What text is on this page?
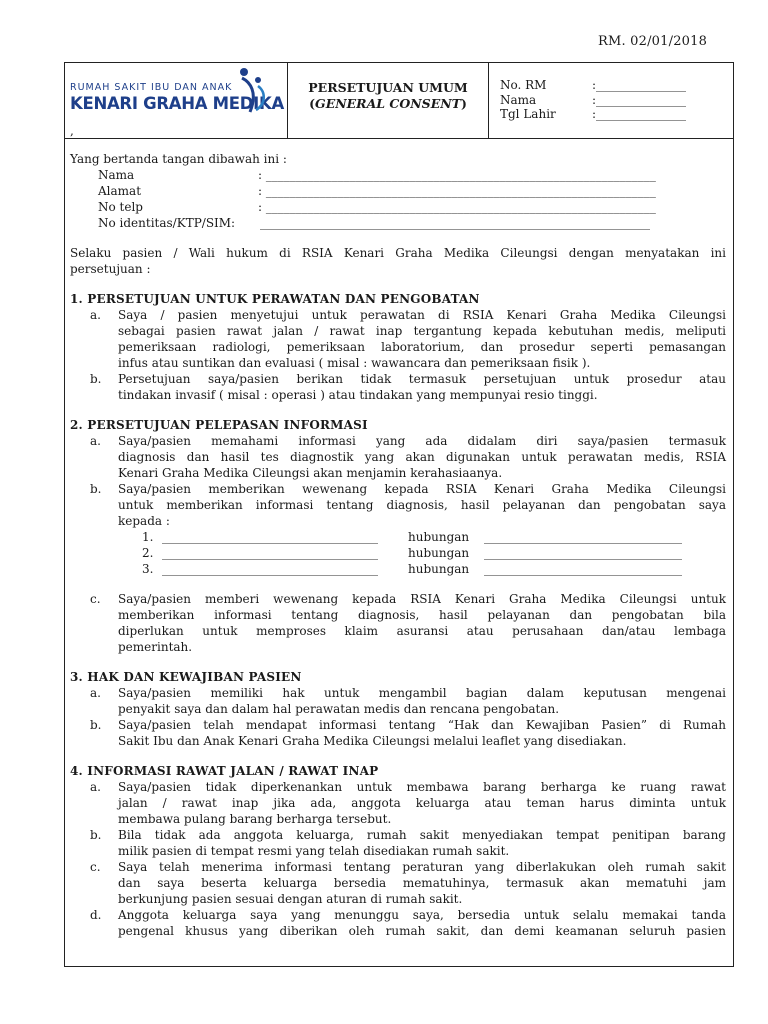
RM. 02/01/2018
RUMAH SAKIT IBU DAN ANAK
KENARI GRAHA MEDIKA
,
PERSETUJUAN UMUM
(GENERAL CONSENT)
No. RM	:_______________
Nama	:_______________
Tgl Lahir	:_______________
Yang bertanda tangan dibawah ini :
Nama	: _________________________________________________________________
Alamat	: _________________________________________________________________
No telp	: _________________________________________________________________
No identitas/KTP/SIM: _________________________________________________________________
Selaku pasien / Wali hukum di RSIA Kenari Graha Medika Cileungsi dengan menyatakan ini
persetujuan :
1. PERSETUJUAN UNTUK PERAWATAN DAN PENGOBATAN
a. Saya / pasien menyetujui untuk perawatan di RSIA Kenari Graha Medika Cileungsi
sebagai pasien rawat jalan / rawat inap tergantung kepada kebutuhan medis, meliputi
pemeriksaan radiologi, pemeriksaan laboratorium, dan prosedur seperti pemasangan
infus atau suntikan dan evaluasi ( misal : wawancara dan pemeriksaan fisik ).
b. Persetujuan saya/pasien berikan tidak termasuk persetujuan untuk prosedur atau
tindakan invasif ( misal : operasi ) atau tindakan yang mempunyai resio tinggi.
2. PERSETUJUAN PELEPASAN INFORMASI
a. Saya/pasien memahami informasi yang ada didalam diri saya/pasien termasuk
diagnosis dan hasil tes diagnostik yang akan digunakan untuk perawatan medis, RSIA
Kenari Graha Medika Cileungsi akan menjamin kerahasiaanya.
b. Saya/pasien memberikan wewenang kepada RSIA Kenari Graha Medika Cileungsi
untuk memberikan informasi tentang diagnosis, hasil pelayanan dan pengobatan saya
kepada :
1. ____________________________________	hubungan _________________________________
2. ____________________________________	hubungan _________________________________
3. ____________________________________	hubungan _________________________________
c. Saya/pasien memberi wewenang kepada RSIA Kenari Graha Medika Cileungsi untuk
memberikan informasi tentang diagnosis, hasil pelayanan dan pengobatan bila
diperlukan untuk memproses klaim asuransi atau perusahaan dan/atau lembaga
pemerintah.
3. HAK DAN KEWAJIBAN PASIEN
a. Saya/pasien memiliki hak untuk mengambil bagian dalam keputusan mengenai
penyakit saya dan dalam hal perawatan medis dan rencana pengobatan.
b. Saya/pasien telah mendapat informasi tentang “Hak dan Kewajiban Pasien” di Rumah
Sakit Ibu dan Anak Kenari Graha Medika Cileungsi melalui leaflet yang disediakan.
4. INFORMASI RAWAT JALAN / RAWAT INAP
a. Saya/pasien tidak diperkenankan untuk membawa barang berharga ke ruang rawat
jalan / rawat inap jika ada, anggota keluarga atau teman harus diminta untuk
membawa pulang barang berharga tersebut.
b. Bila tidak ada anggota keluarga, rumah sakit menyediakan tempat penitipan barang
milik pasien di tempat resmi yang telah disediakan rumah sakit.
c. Saya telah menerima informasi tentang peraturan yang diberlakukan oleh rumah sakit
dan saya beserta keluarga bersedia mematuhinya, termasuk akan mematuhi jam
berkunjung pasien sesuai dengan aturan di rumah sakit.
d. Anggota keluarga saya yang menunggu saya, bersedia untuk selalu memakai tanda
pengenal khusus yang diberikan oleh rumah sakit, dan demi keamanan seluruh pasien
